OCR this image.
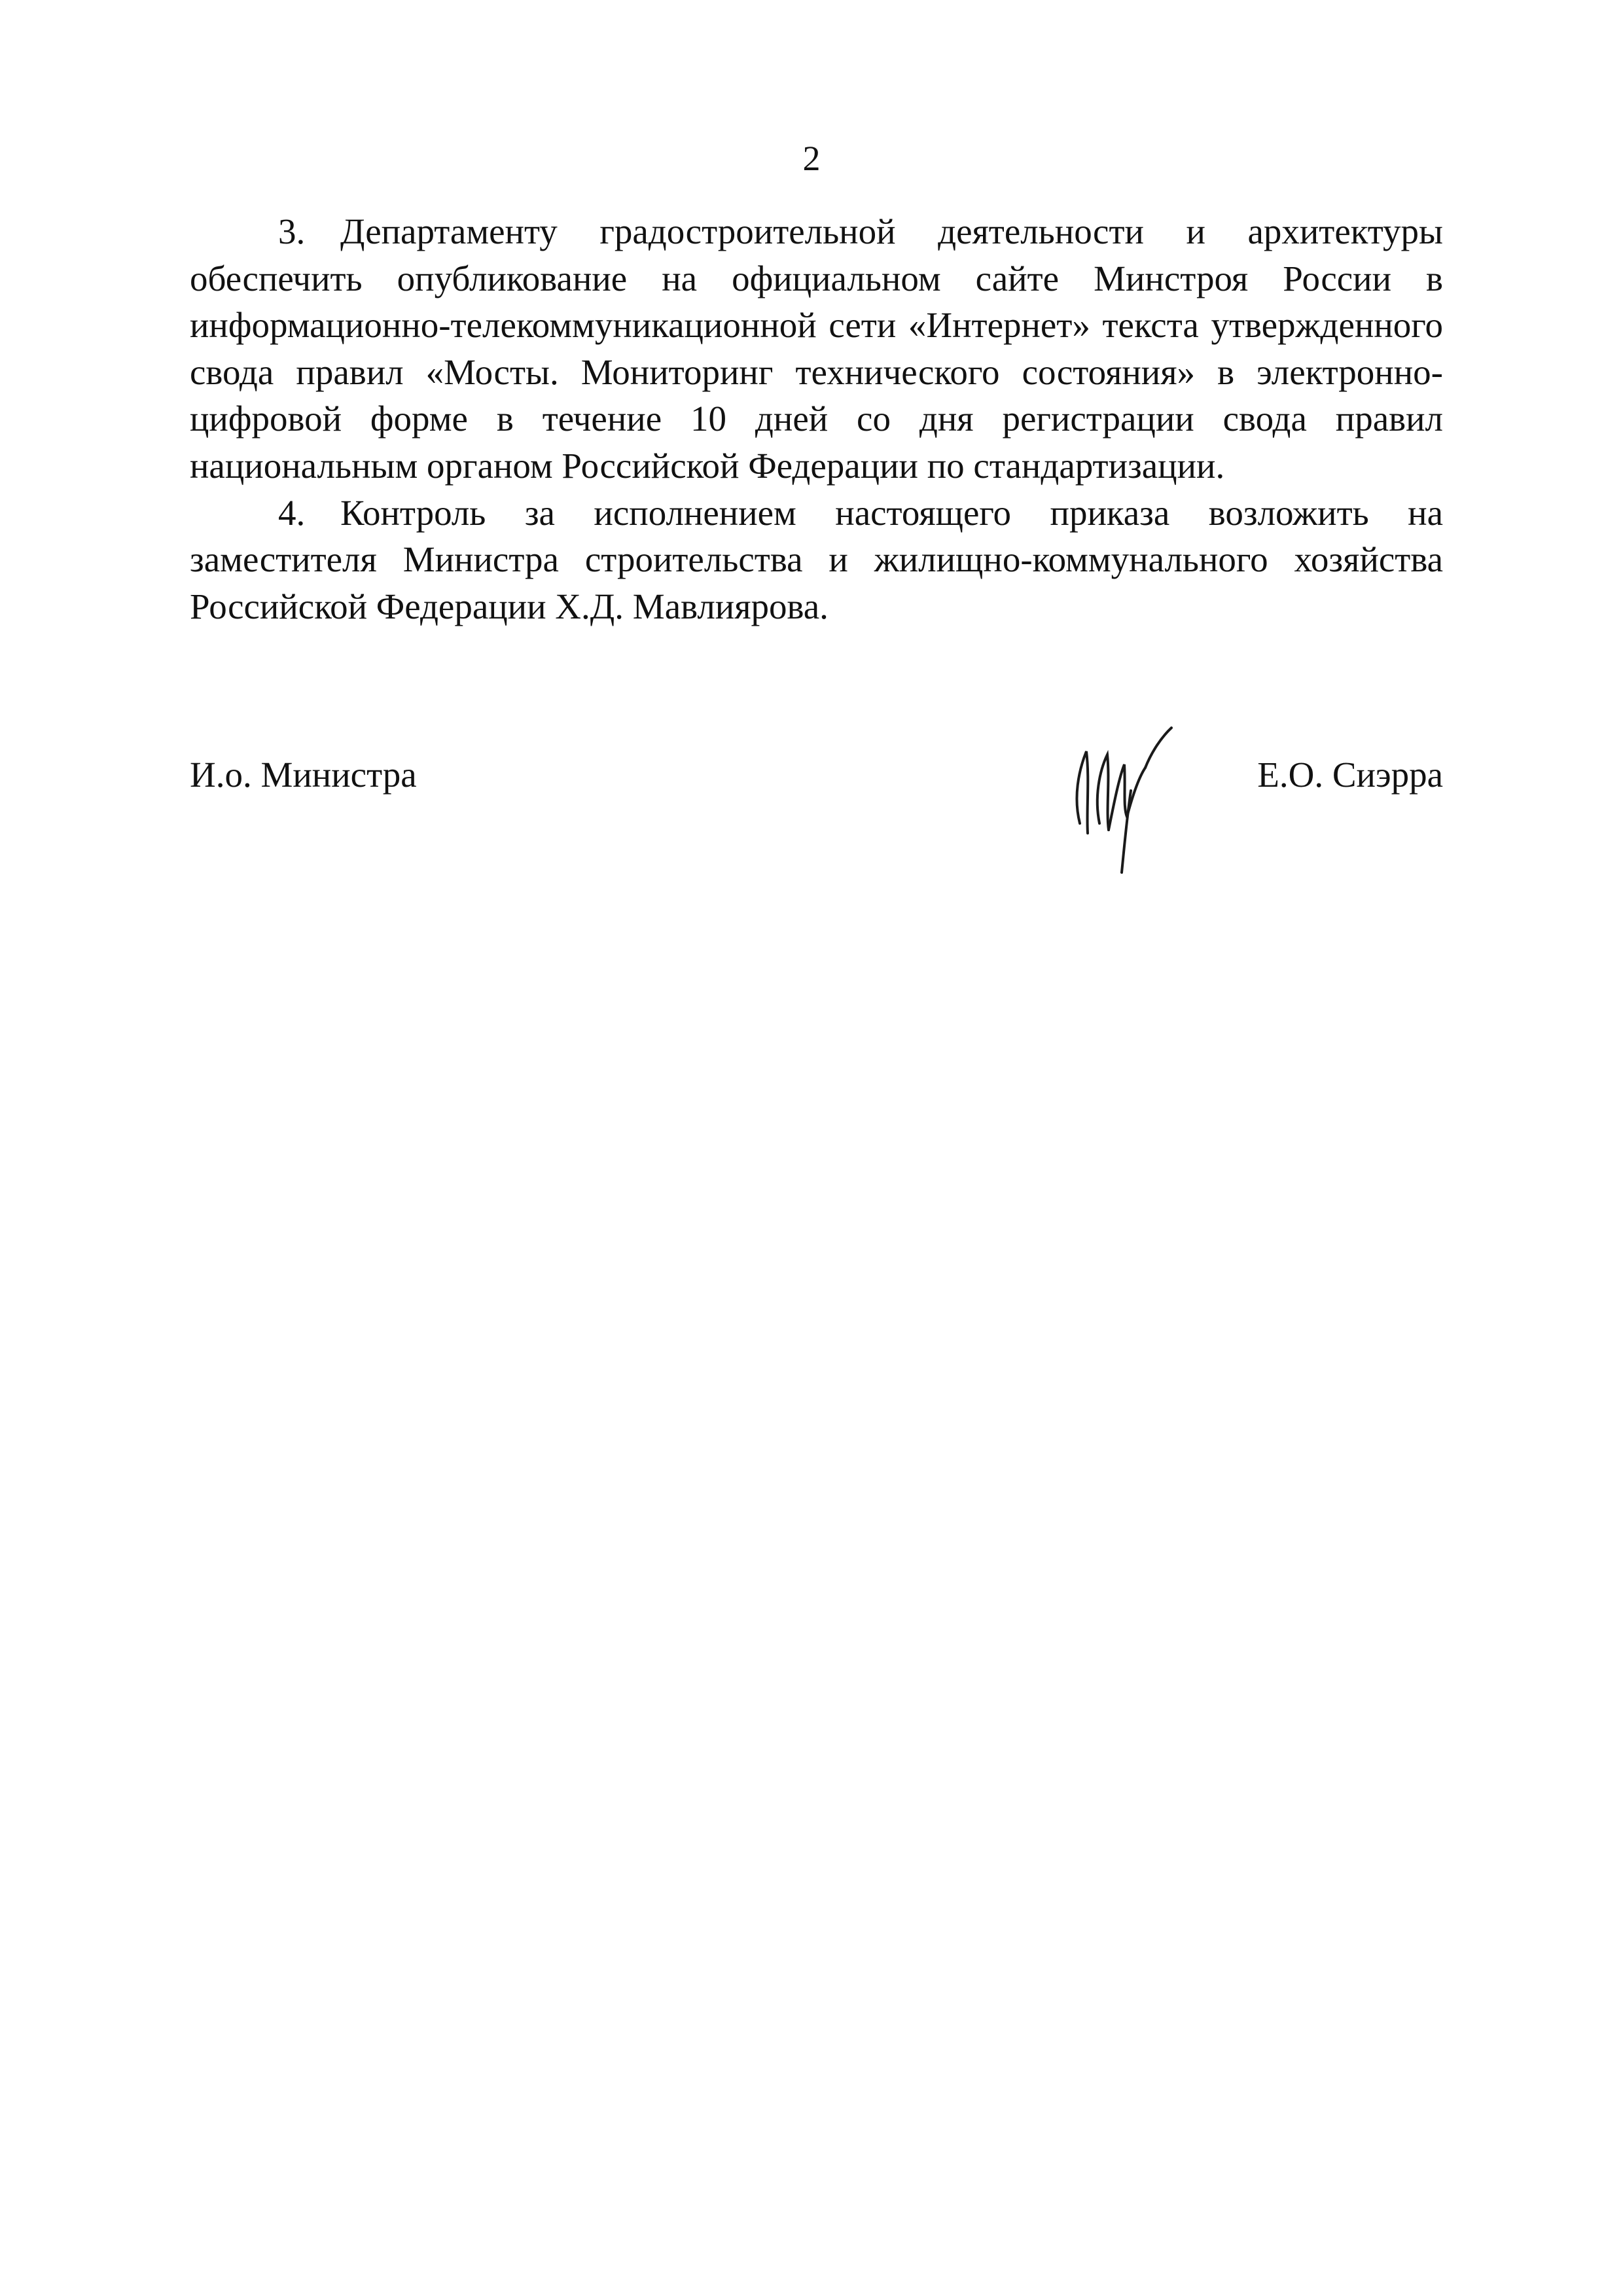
2

3. Департаменту градостроительной деятельности и архитектуры обеспечить опубликование на официальном сайте Минстроя России в информационно-телекоммуникационной сети «Интернет» текста утвержденного свода правил «Мосты. Мониторинг технического состояния» в электронно-цифровой форме в течение 10 дней со дня регистрации свода правил национальным органом Российской Федерации по стандартизации.

4. Контроль за исполнением настоящего приказа возложить на заместителя Министра строительства и жилищно-коммунального хозяйства Российской Федерации Х.Д. Мавлиярова.

И.о. Министра	Е.О. Сиэрра
